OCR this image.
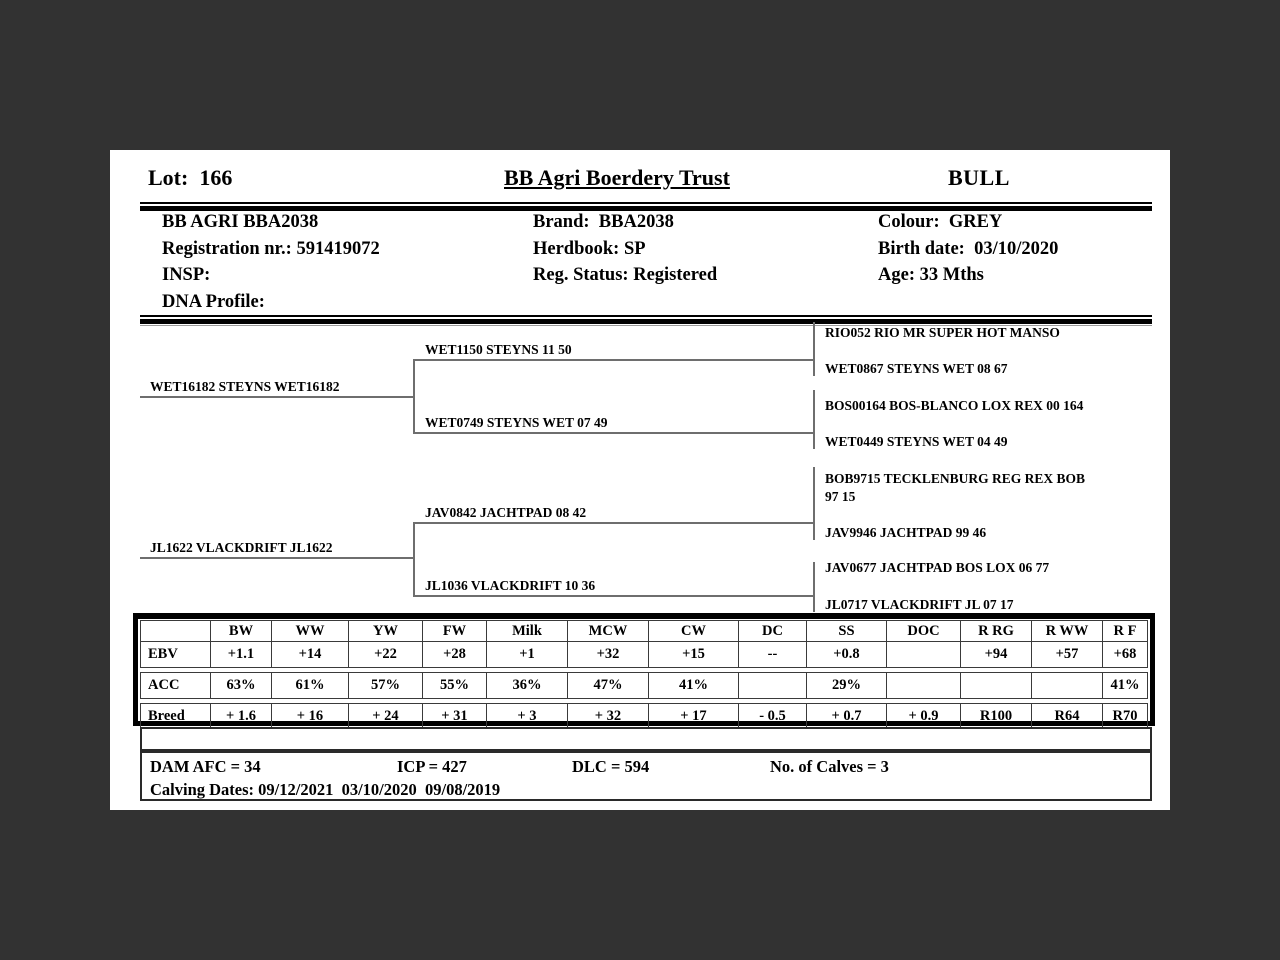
Lot:  166	BB Agri Boerdery Trust	BULL
BB AGRI BBA2038	Brand:  BBA2038	Colour:  GREY
Registration nr.: 591419072	Herdbook: SP	Birth date:  03/10/2020
INSP:	Reg. Status: Registered	Age: 33 Mths
DNA Profile:
WET16182 STEYNS WET16182
JL1622 VLACKDRIFT JL1622
WET1150 STEYNS 11 50
WET0749 STEYNS WET 07 49
JAV0842 JACHTPAD 08 42
JL1036 VLACKDRIFT 10 36
RIO052 RIO MR SUPER HOT MANSO
WET0867 STEYNS WET 08 67
BOS00164 BOS-BLANCO LOX REX 00 164
WET0449 STEYNS WET 04 49
BOB9715 TECKLENBURG REG REX BOB 97 15
JAV9946 JACHTPAD 99 46
JAV0677 JACHTPAD BOS LOX 06 77
JL0717 VLACKDRIFT JL 07 17
	BW	WW	YW	FW	Milk	MCW	CW	DC	SS	DOC	R RG	R WW	R F
EBV	+1.1	+14	+22	+28	+1	+32	+15	--	+0.8		+94	+57	+68
ACC	63%	61%	57%	55%	36%	47%	41%		29%				41%
Breed	+ 1.6	+ 16	+ 24	+ 31	+ 3	+ 32	+ 17	- 0.5	+ 0.7	+ 0.9	R100	R64	R70
DAM AFC = 34	ICP = 427	DLC = 594	No. of Calves = 3
Calving Dates: 09/12/2021  03/10/2020  09/08/2019
